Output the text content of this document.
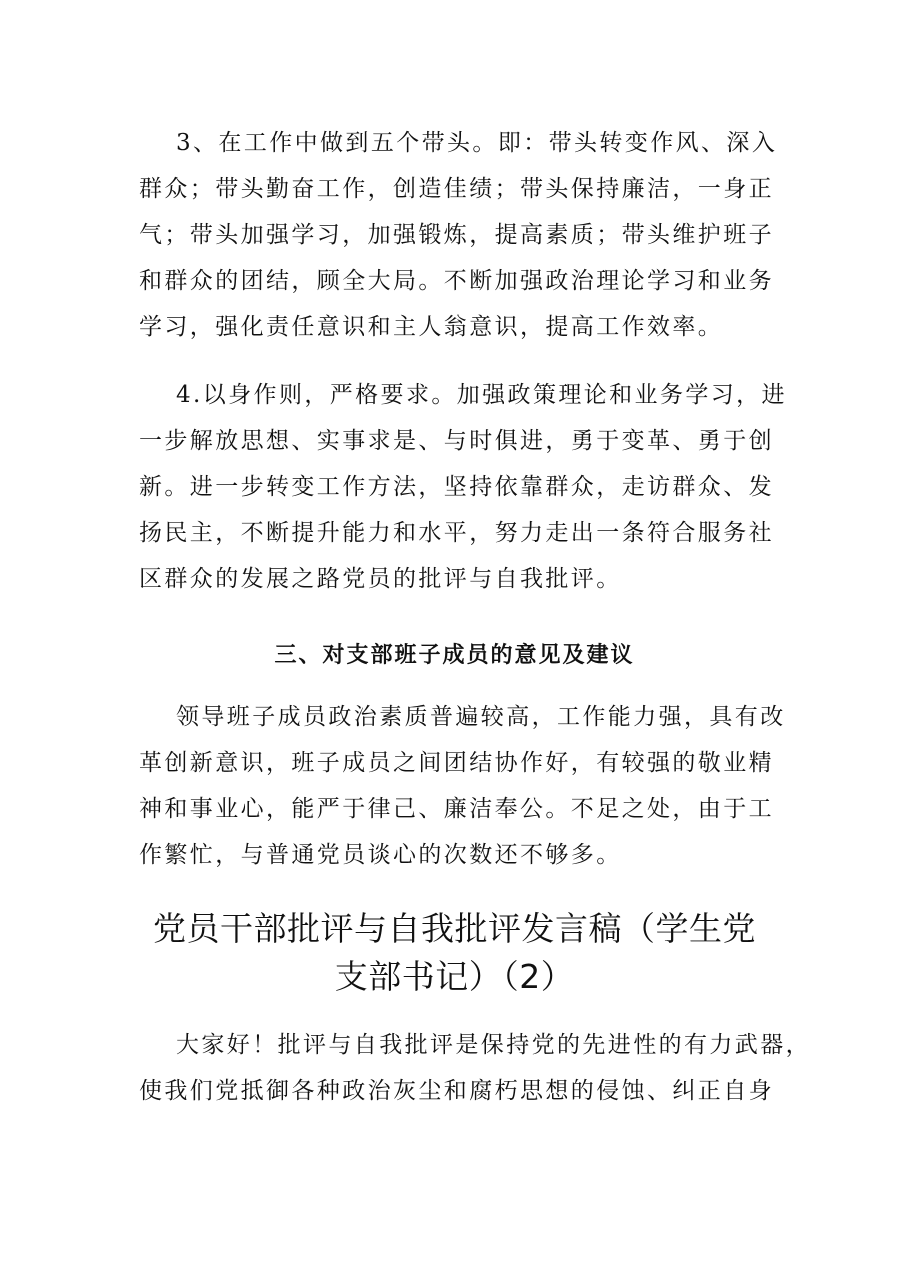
3、在工作中做到五个带头。即：带头转变作风、深入
群众；带头勤奋工作，创造佳绩；带头保持廉洁，一身正
气；带头加强学习，加强锻炼，提高素质；带头维护班子
和群众的团结，顾全大局。不断加强政治理论学习和业务
学习，强化责任意识和主人翁意识，提高工作效率。
4.以身作则，严格要求。加强政策理论和业务学习，进
一步解放思想、实事求是、与时俱进，勇于变革、勇于创
新。进一步转变工作方法，坚持依靠群众，走访群众、发
扬民主，不断提升能力和水平，努力走出一条符合服务社
区群众的发展之路党员的批评与自我批评。
三、对支部班子成员的意见及建议
领导班子成员政治素质普遍较高，工作能力强，具有改
革创新意识，班子成员之间团结协作好，有较强的敬业精
神和事业心，能严于律己、廉洁奉公。不足之处，由于工
作繁忙，与普通党员谈心的次数还不够多。
党员干部批评与自我批评发言稿（学生党
支部书记）（2）
大家好！批评与自我批评是保持党的先进性的有力武器，
使我们党抵御各种政治灰尘和腐朽思想的侵蚀、纠正自身
